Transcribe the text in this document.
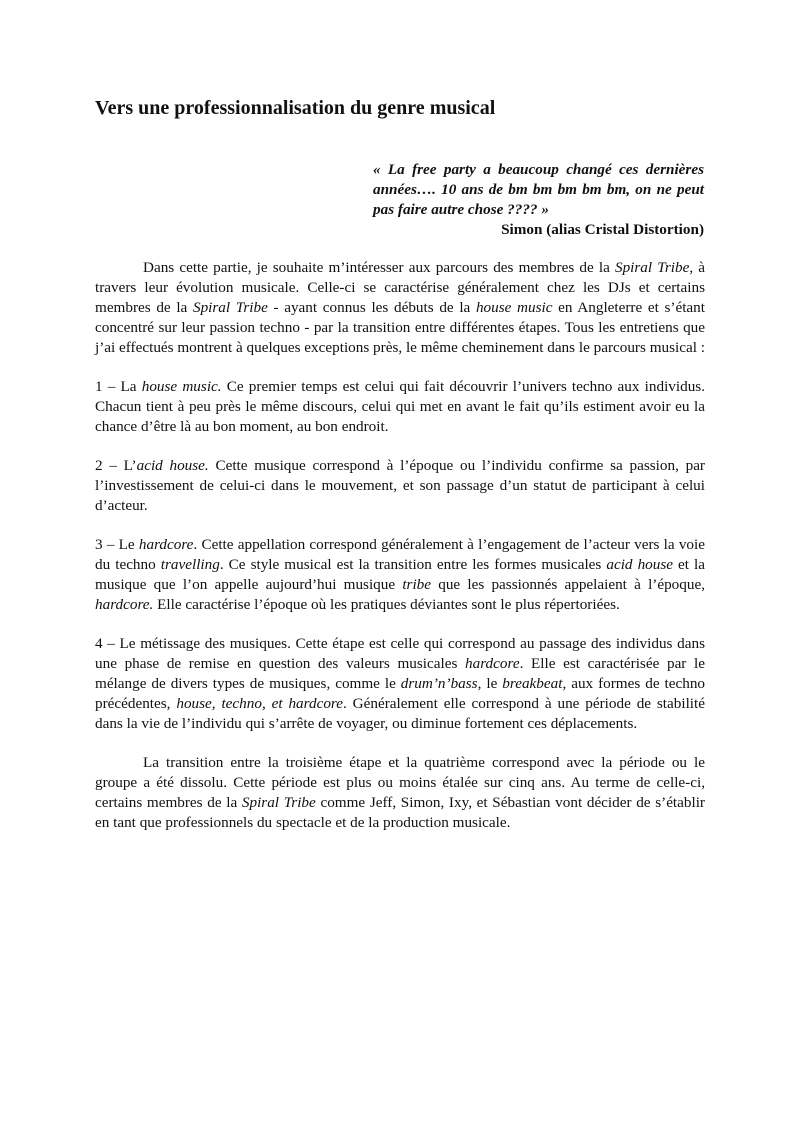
Vers une professionnalisation du genre musical

« La free party a beaucoup changé ces dernières années…. 10 ans de bm bm bm bm bm, on ne peut pas faire autre chose ???? »

Simon (alias Cristal Distortion)

Dans cette partie, je souhaite m’intéresser aux parcours des membres de la Spiral Tribe, à travers leur évolution musicale. Celle-ci se caractérise généralement chez les DJs et certains membres de la Spiral Tribe - ayant connus les débuts de la house music en Angleterre et s’étant concentré sur leur passion techno - par la transition entre différentes étapes. Tous les entretiens que j’ai effectués montrent à quelques exceptions près, le même cheminement dans le parcours musical :

1 – La house music. Ce premier temps est celui qui fait découvrir l’univers techno aux individus. Chacun tient à peu près le même discours, celui qui met en avant le fait qu’ils estiment avoir eu la chance d’être là au bon moment, au bon endroit.

2 – L’acid house. Cette musique correspond à l’époque ou l’individu confirme sa passion, par l’investissement de celui-ci dans le mouvement, et son passage d’un statut de participant à celui d’acteur.

3 – Le hardcore. Cette appellation correspond généralement à l’engagement de l’acteur vers la voie du techno travelling. Ce style musical est la transition entre les formes musicales acid house et la musique que l’on appelle aujourd’hui musique tribe que les passionnés appelaient à l’époque, hardcore. Elle caractérise l’époque où les pratiques déviantes sont le plus répertoriées.

4 – Le métissage des musiques. Cette étape est celle qui correspond au passage des individus dans une phase de remise en question des valeurs musicales hardcore. Elle est caractérisée par le mélange de divers types de musiques, comme le drum’n’bass, le breakbeat, aux formes de techno précédentes, house, techno, et hardcore. Généralement elle correspond à une période de stabilité dans la vie de l’individu qui s’arrête de voyager, ou diminue fortement ces déplacements.

La transition entre la troisième étape et la quatrième correspond avec la période ou le groupe a été dissolu. Cette période est plus ou moins étalée sur cinq ans. Au terme de celle-ci, certains membres de la Spiral Tribe comme Jeff, Simon, Ixy, et Sébastian vont décider de s’établir en tant que professionnels du spectacle et de la production musicale.
